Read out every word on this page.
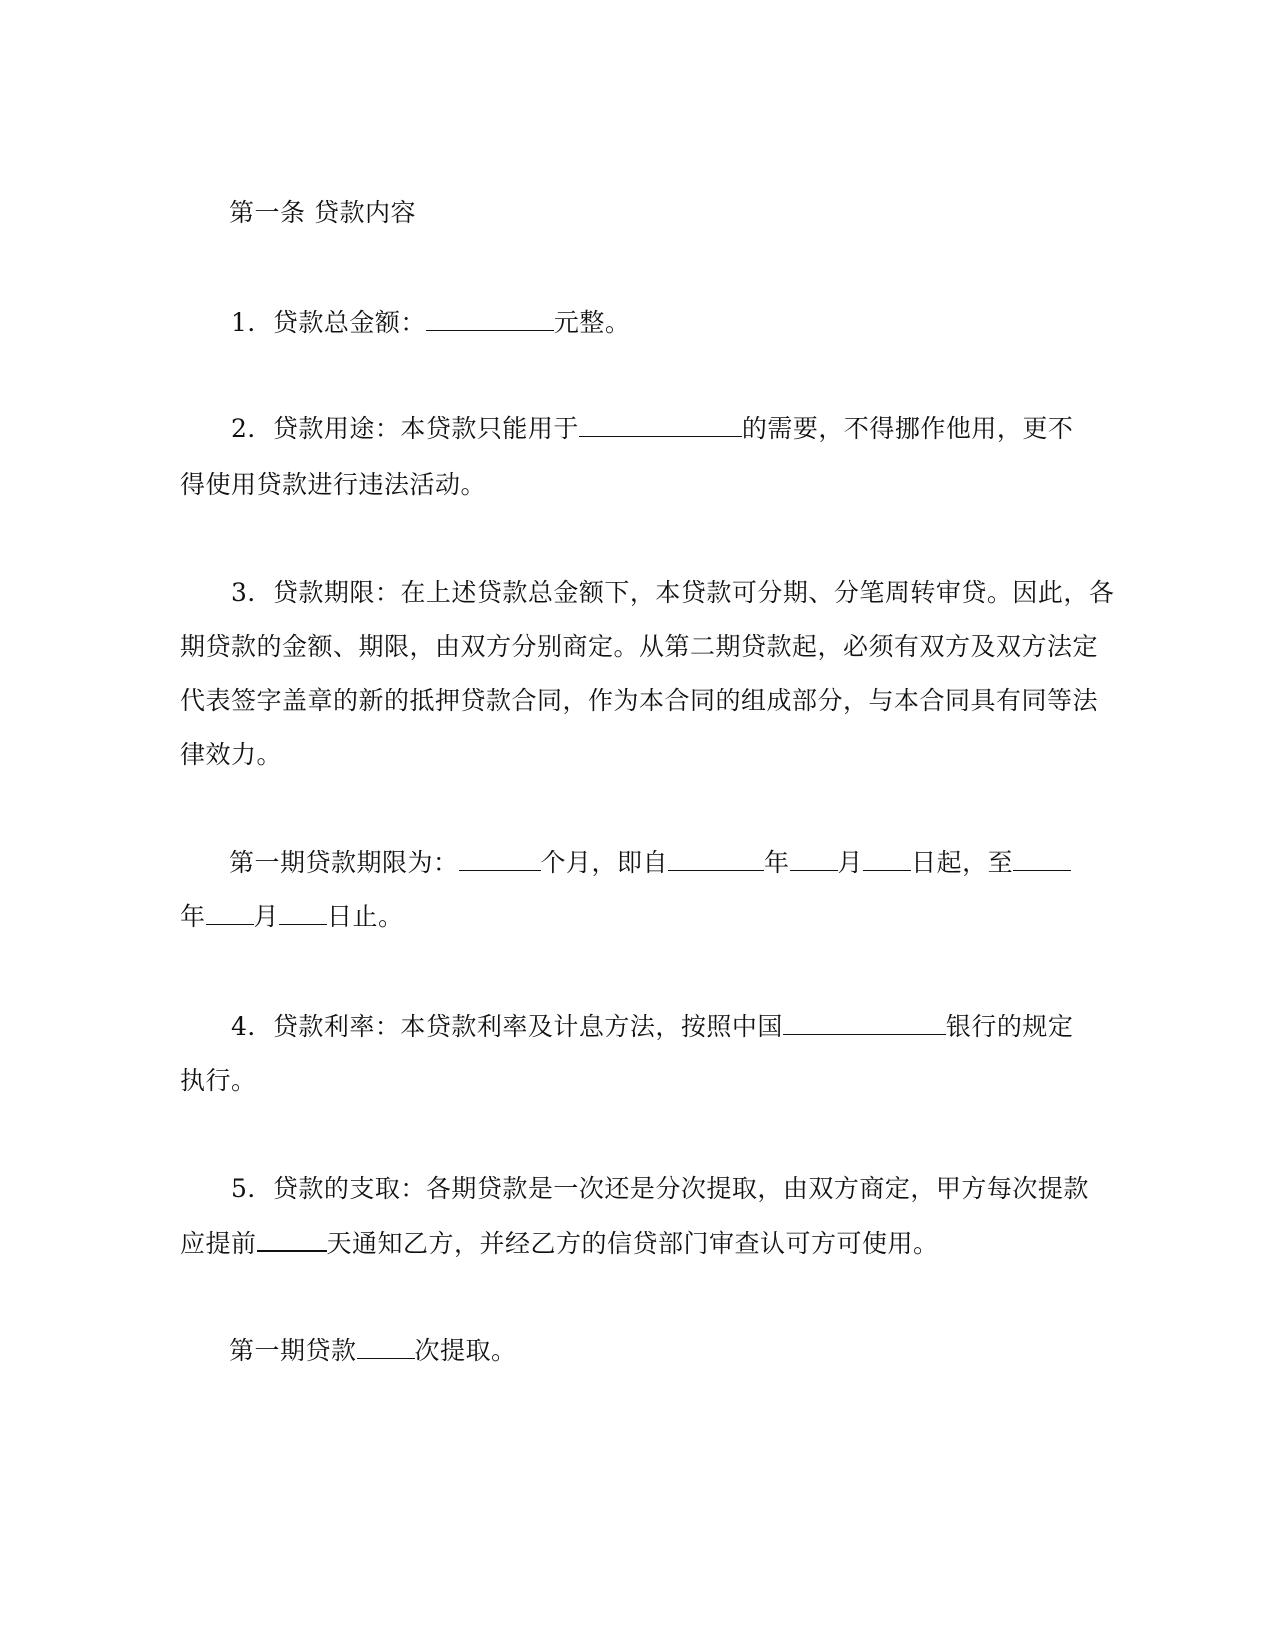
第一条 贷款内容
1．贷款总金额：	元整。
2．贷款用途：本贷款只能用于	的需要，不得挪作他用，更不
得使用贷款进行违法活动。
3．贷款期限：在上述贷款总金额下，本贷款可分期、分笔周转审贷。因此，各
期贷款的金额、期限，由双方分别商定。从第二期贷款起，必须有双方及双方法定
代表签字盖章的新的抵押贷款合同，作为本合同的组成部分，与本合同具有同等法
律效力。
第一期贷款期限为：	个月，即自	年 月 日起，至
年 月 日止。
4．贷款利率：本贷款利率及计息方法，按照中国	银行的规定
执行。
5．贷款的支取：各期贷款是一次还是分次提取，由双方商定，甲方每次提款
应提前	天通知乙方，并经乙方的信贷部门审查认可方可使用。
第一期贷款 次提取。
